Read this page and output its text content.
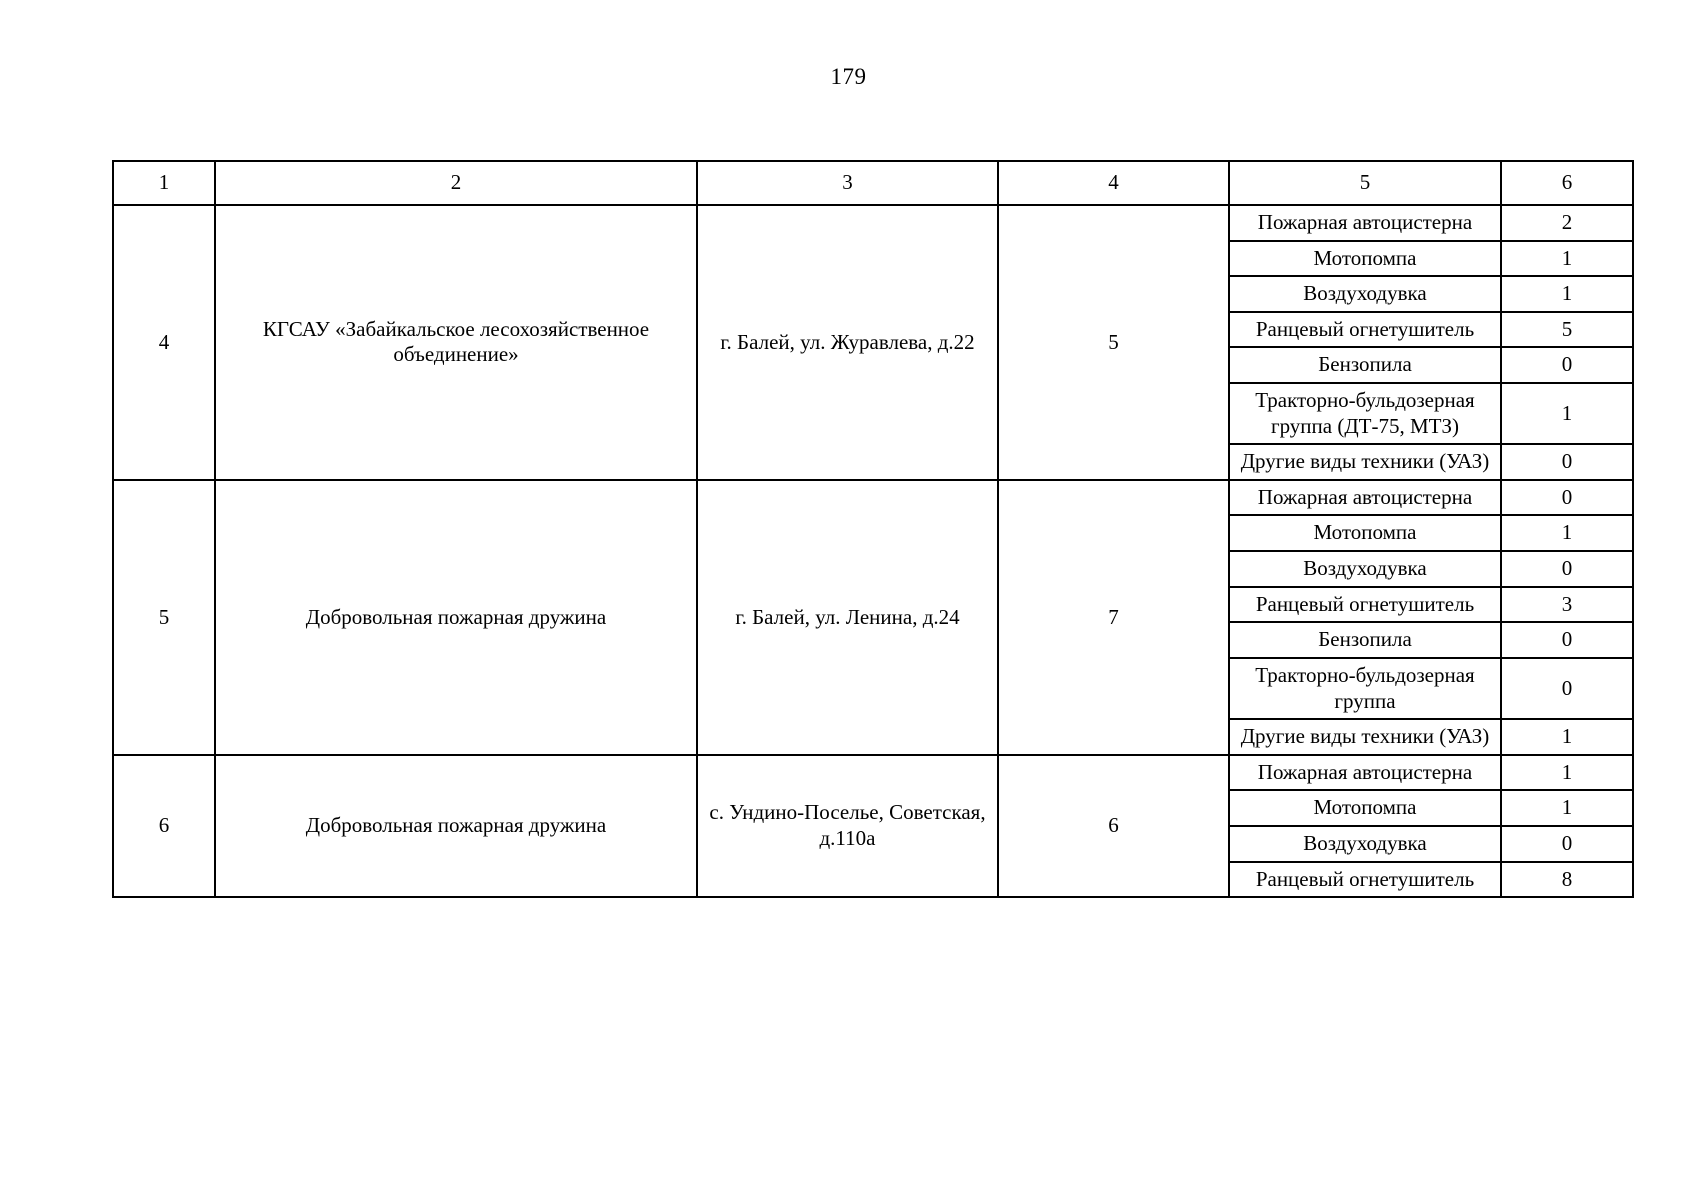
179
1	2	3	4	5	6
4	КГСАУ «Забайкальское лесохозяйственное объединение»	г. Балей, ул. Журавлева, д.22	5	Пожарная автоцистерна	2
				Мотопомпа	1
				Воздуходувка	1
				Ранцевый огнетушитель	5
				Бензопила	0
				Тракторно-бульдозерная группа (ДТ-75, МТЗ)	1
				Другие виды техники (УАЗ)	0
5	Добровольная пожарная дружина	г. Балей, ул. Ленина, д.24	7	Пожарная автоцистерна	0
				Мотопомпа	1
				Воздуходувка	0
				Ранцевый огнетушитель	3
				Бензопила	0
				Тракторно-бульдозерная группа	0
				Другие виды техники (УАЗ)	1
6	Добровольная пожарная дружина	с. Ундино-Поселье, Советская, д.110а	6	Пожарная автоцистерна	1
				Мотопомпа	1
				Воздуходувка	0
				Ранцевый огнетушитель	8
